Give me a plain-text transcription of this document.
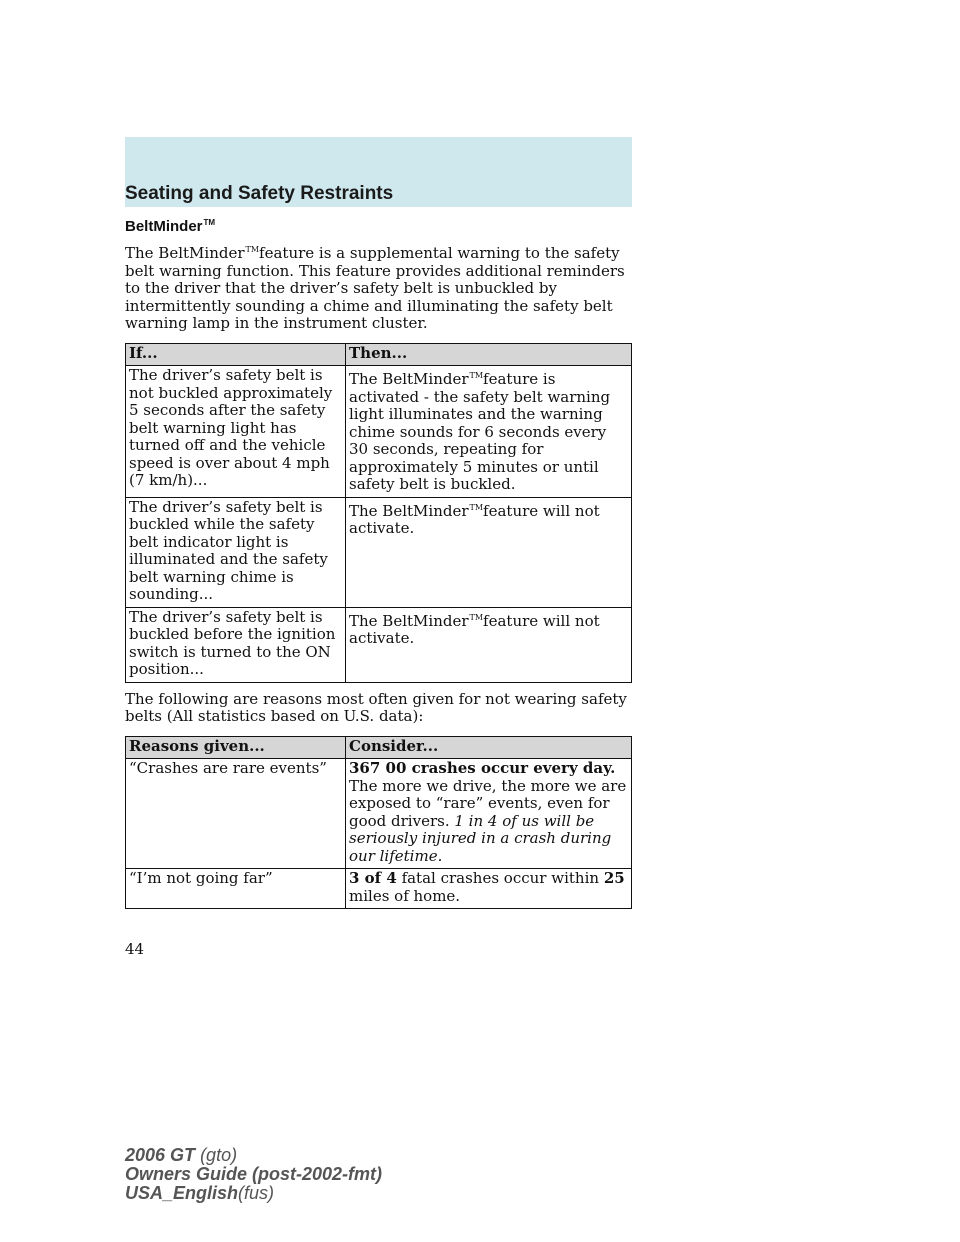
Seating and Safety Restraints
BeltMinder™

The BeltMinder™feature is a supplemental warning to the safety belt warning function. This feature provides additional reminders to the driver that the driver’s safety belt is unbuckled by intermittently sounding a chime and illuminating the safety belt warning lamp in the instrument cluster.

If...	Then...
The driver’s safety belt is not buckled approximately 5 seconds after the safety belt warning light has turned off and the vehicle speed is over about 4 mph (7 km/h)...	The BeltMinder™feature is activated - the safety belt warning light illuminates and the warning chime sounds for 6 seconds every 30 seconds, repeating for approximately 5 minutes or until safety belt is buckled.
The driver’s safety belt is buckled while the safety belt indicator light is illuminated and the safety belt warning chime is sounding...	The BeltMinder™feature will not activate.
The driver’s safety belt is buckled before the ignition switch is turned to the ON position...	The BeltMinder™feature will not activate.

The following are reasons most often given for not wearing safety belts (All statistics based on U.S. data):

Reasons given...	Consider...
“Crashes are rare events”	367 00 crashes occur every day.
The more we drive, the more we are exposed to “rare” events, even for good drivers. 1 in 4 of us will be seriously injured in a crash during our lifetime.
“I’m not going far”	3 of 4 fatal crashes occur within 25 miles of home.
44
2006 GT (gto)
Owners Guide (post-2002-fmt)
USA_English(fus)
